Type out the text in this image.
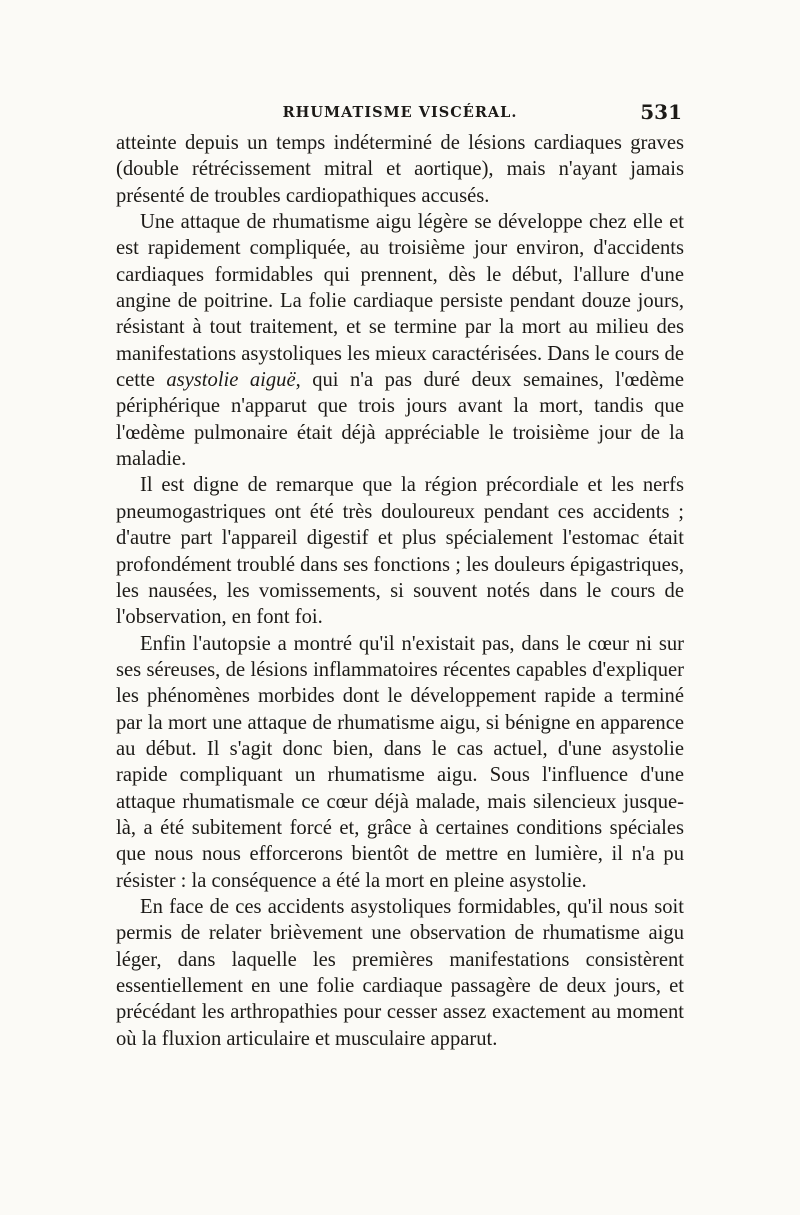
RHUMATISME VISCÉRAL.	531

atteinte depuis un temps indéterminé de lésions cardiaques graves (double rétrécissement mitral et aortique), mais n'ayant jamais présenté de troubles cardiopathiques accusés.

Une attaque de rhumatisme aigu légère se développe chez elle et est rapidement compliquée, au troisième jour environ, d'accidents cardiaques formidables qui prennent, dès le début, l'allure d'une angine de poitrine. La folie cardiaque persiste pendant douze jours, résistant à tout traitement, et se termine par la mort au milieu des manifestations asystoliques les mieux caractérisées. Dans le cours de cette asystolie aiguë, qui n'a pas duré deux semaines, l'œdème périphérique n'apparut que trois jours avant la mort, tandis que l'œdème pulmonaire était déjà appréciable le troisième jour de la maladie.

Il est digne de remarque que la région précordiale et les nerfs pneumogastriques ont été très douloureux pendant ces accidents ; d'autre part l'appareil digestif et plus spécialement l'estomac était profondément troublé dans ses fonctions ; les douleurs épigastriques, les nausées, les vomissements, si souvent notés dans le cours de l'observation, en font foi.

Enfin l'autopsie a montré qu'il n'existait pas, dans le cœur ni sur ses séreuses, de lésions inflammatoires récentes capables d'expliquer les phénomènes morbides dont le développement rapide a terminé par la mort une attaque de rhumatisme aigu, si bénigne en apparence au début. Il s'agit donc bien, dans le cas actuel, d'une asystolie rapide compliquant un rhumatisme aigu. Sous l'influence d'une attaque rhumatismale ce cœur déjà malade, mais silencieux jusque-là, a été subitement forcé et, grâce à certaines conditions spéciales que nous nous efforcerons bientôt de mettre en lumière, il n'a pu résister : la conséquence a été la mort en pleine asystolie.

En face de ces accidents asystoliques formidables, qu'il nous soit permis de relater brièvement une observation de rhumatisme aigu léger, dans laquelle les premières manifestations consistèrent essentiellement en une folie cardiaque passagère de deux jours, et précédant les arthropathies pour cesser assez exactement au moment où la fluxion articulaire et musculaire apparut.
